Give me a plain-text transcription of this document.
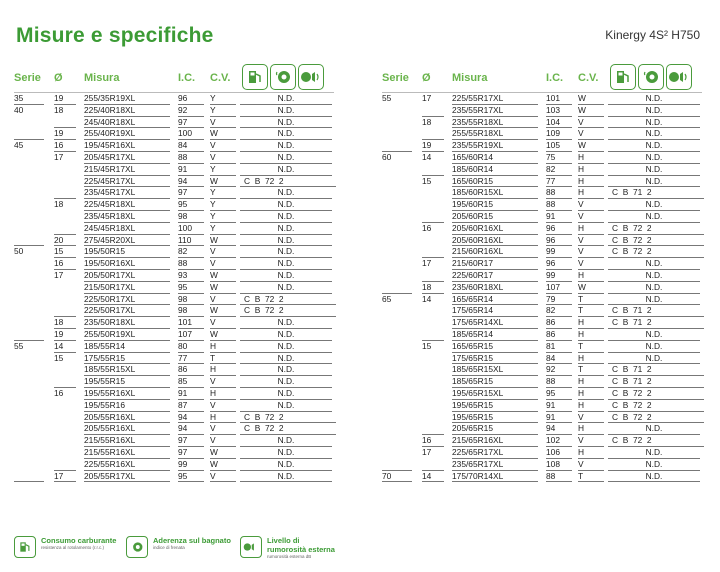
Misure e specifiche	Kinergy 4S² H750
Serie Ø Misura	I.C. C.V.
35	19	255/35R19XL	96	Y	N.D.
40	18	225/40R18XL	92	Y	N.D.
245/40R18XL	97	V	N.D.
19	255/40R19XL	100	W	N.D.
45	16	195/45R16XL	84	V	N.D.
17	205/45R17XL	88	V	N.D.
215/45R17XL	91	Y	N.D.
225/45R17XL	94	W	C  B  72  2
235/45R17XL	97	Y	N.D.
18	225/45R18XL	95	Y	N.D.
235/45R18XL	98	Y	N.D.
245/45R18XL	100	Y	N.D.
20	275/45R20XL	110	W	N.D.
50	15	195/50R15	82	V	N.D.
16	195/50R16XL	88	V	N.D.
17	205/50R17XL	93	W	N.D.
215/50R17XL	95	W	N.D.
225/50R17XL	98	V	C  B  72  2
225/50R17XL	98	W	C  B  72  2
18	235/50R18XL	101	V	N.D.
19	255/50R19XL	107	W	N.D.
55	14	185/55R14	80	H	N.D.
15	175/55R15	77	T	N.D.
185/55R15XL	86	H	N.D.
195/55R15	85	V	N.D.
16	195/55R16XL	91	H	N.D.
195/55R16	87	V	N.D.
205/55R16XL	94	H	C  B  72  2
205/55R16XL	94	V	C  B  72  2
215/55R16XL	97	V	N.D.
215/55R16XL	97	W	N.D.
225/55R16XL	99	W	N.D.
17	205/55R17XL	95	V	N.D.
Serie Ø Misura	I.C. C.V.
55	17	225/55R17XL	101	W	N.D.
235/55R17XL	103	W	N.D.
18	235/55R18XL	104	V	N.D.
255/55R18XL	109	V	N.D.
19	235/55R19XL	105	W	N.D.
60	14	165/60R14	75	H	N.D.
185/60R14	82	H	N.D.
15	165/60R15	77	H	N.D.
185/60R15XL	88	H	C  B  71  2
195/60R15	88	V	N.D.
205/60R15	91	V	N.D.
16	205/60R16XL	96	H	C  B  72  2
205/60R16XL	96	V	C  B  72  2
215/60R16XL	99	V	C  B  72  2
17	215/60R17	96	V	N.D.
225/60R17	99	H	N.D.
18	235/60R18XL	107	W	N.D.
65	14	165/65R14	79	T	N.D.
175/65R14	82	T	C  B  71  2
175/65R14XL	86	H	C  B  71  2
185/65R14	86	H	N.D.
15	165/65R15	81	T	N.D.
175/65R15	84	H	N.D.
185/65R15XL	92	T	C  B  71  2
185/65R15	88	H	C  B  71  2
195/65R15XL	95	H	C  B  72  2
195/65R15	91	H	C  B  72  2
195/65R15	91	V	C  B  72  2
205/65R15	94	H	N.D.
16	215/65R16XL	102	V	C  B  72  2
17	225/65R17XL	106	H	N.D.
235/65R17XL	108	V	N.D.
70	14	175/70R14XL	88	T	N.D.
Consumo carburante
resistenza al rotolamento (r.r.c.)
Aderenza sul bagnato
indice di frenata
Livello di rumorosità esterna
rumorosità esterna dB
